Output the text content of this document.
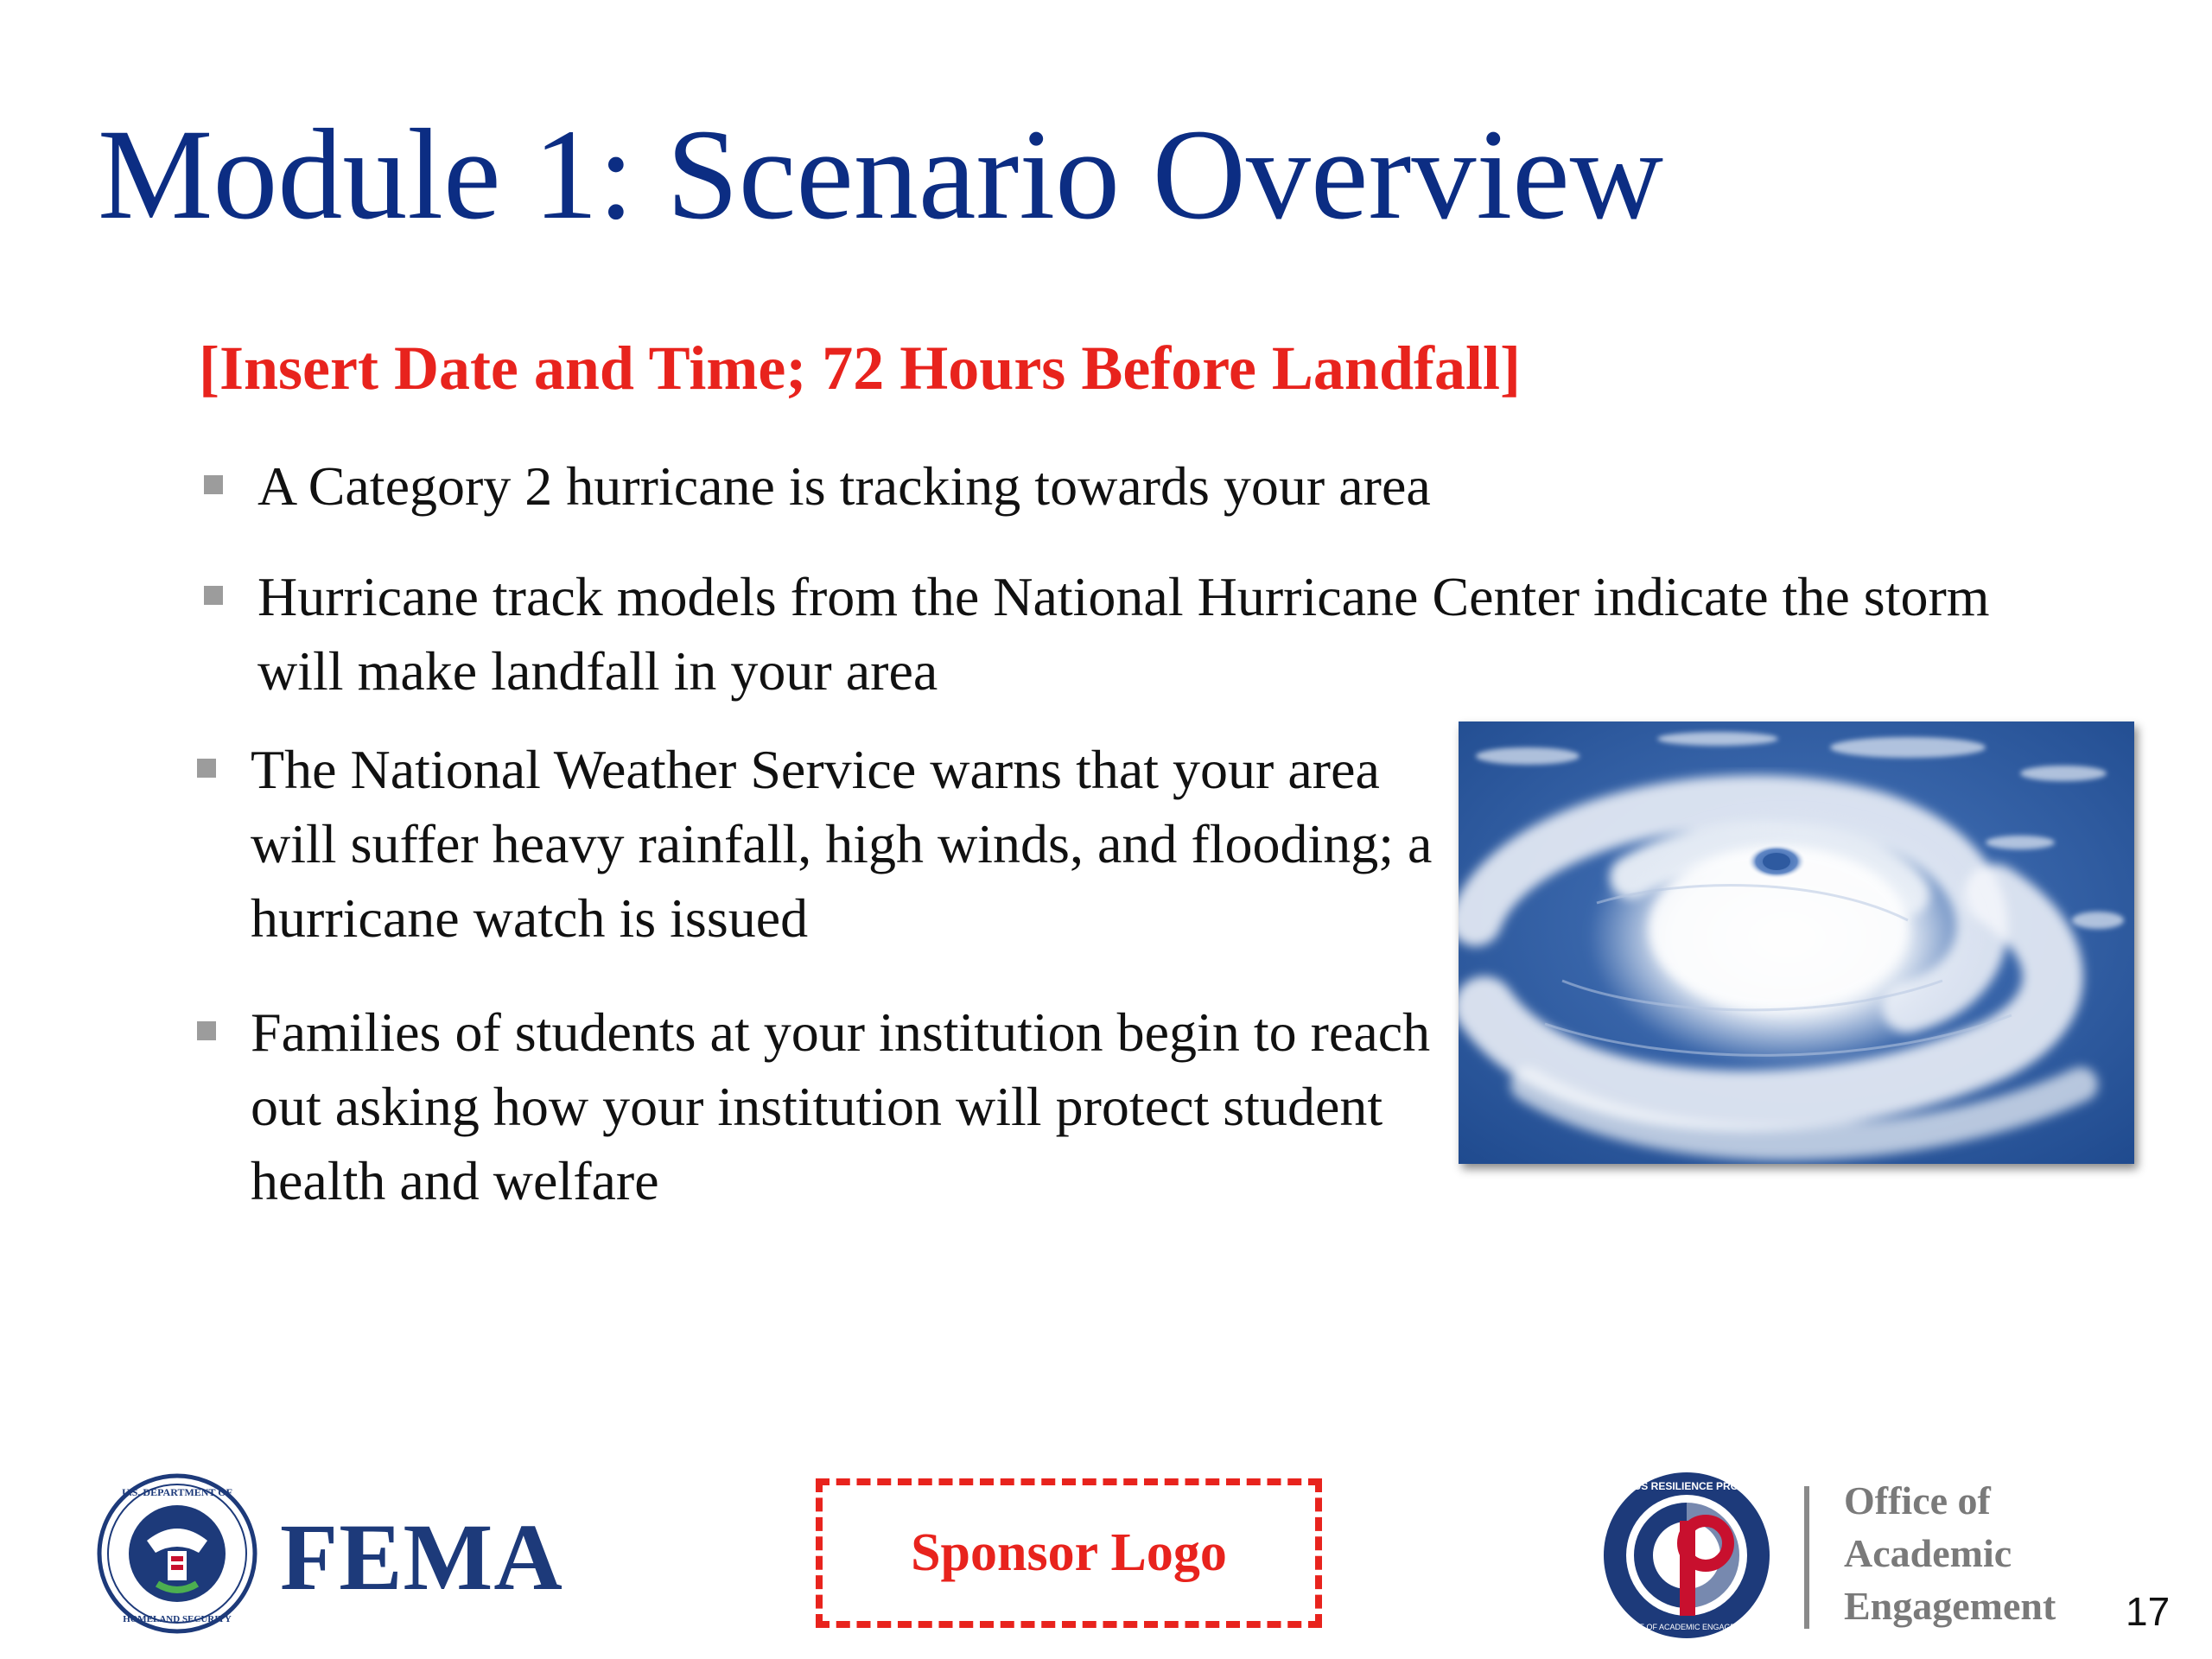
Module 1: Scenario Overview
[Insert Date and Time; 72 Hours Before Landfall]
A Category 2 hurricane is tracking towards your area
Hurricane track models from the National Hurricane Center indicate the storm will make landfall in your area
The National Weather Service warns that your area will suffer heavy rainfall, high winds, and flooding; a hurricane watch is issued
Families of students at your institution begin to reach out asking how your institution will protect student health and welfare
U.S. DEPARTMENT OF
HOMELAND SECURITY
FEMA	Sponsor Logo
CAMPUS RESILIENCE PROGRAM
OFFICE OF ACADEMIC ENGAGEMENT
Office of
Academic
Engagement 17
